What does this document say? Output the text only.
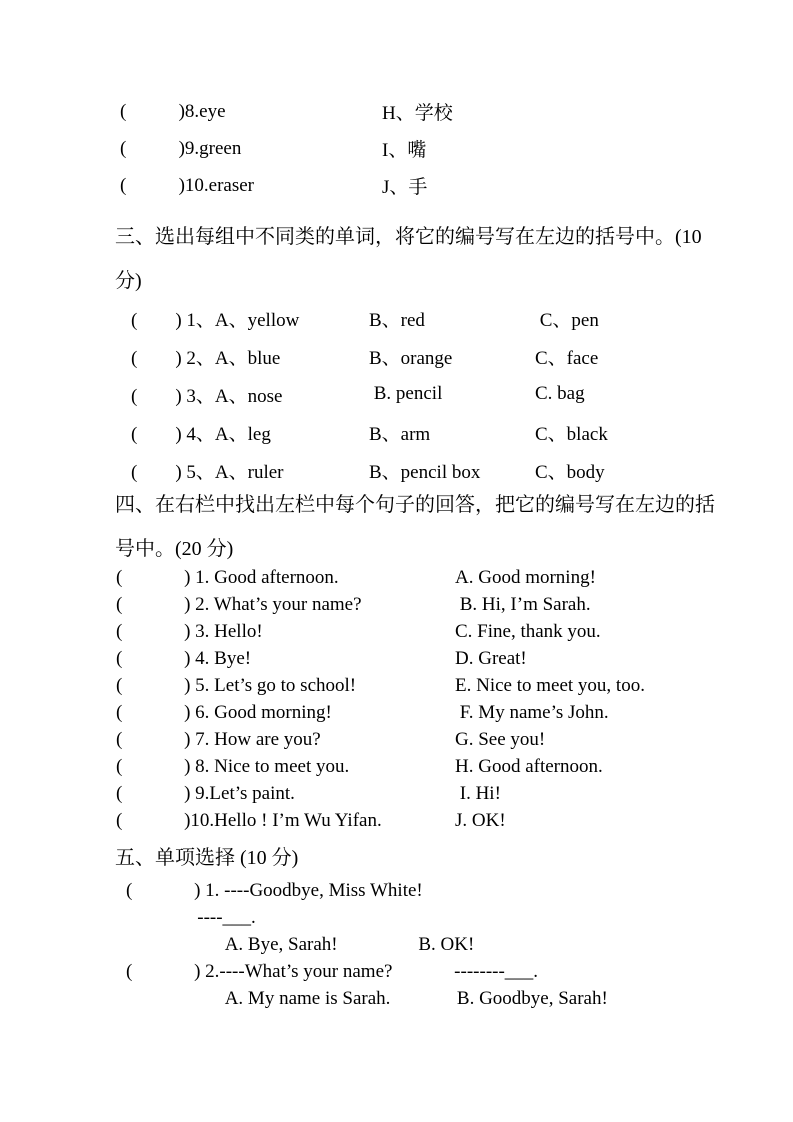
(           )8.eye	H、学校
(           )9.green	I、嘴
(           )10.eraser	J、手
三、选出每组中不同类的单词，将它的编号写在左边的括号中。(10
分)
(        ) 1、A、yellow	B、red	C、pen
(        ) 2、A、blue	B、orange	C、face
(        ) 3、A、nose	B. pencil	C. bag
(        ) 4、A、leg	B、arm	C、black
(        ) 5、A、ruler	B、pencil box	C、body
四、在右栏中找出左栏中每个句子的回答，把它的编号写在左边的括
号中。(20 分)
(             ) 1. Good afternoon.	A. Good morning!
(             ) 2. What’s your name?	B. Hi, I’m Sarah.
(             ) 3. Hello!	C. Fine, thank you.
(             ) 4. Bye!	D. Great!
(             ) 5. Let’s go to school!	E. Nice to meet you, too.
(             ) 6. Good morning!	F. My name’s John.
(             ) 7. How are you?	G. See you!
(             ) 8. Nice to meet you.	H. Good afternoon.
(             ) 9.Let’s paint.	I. Hi!
(             )10.Hello ! I’m Wu Yifan.	J. OK!
五、单项选择 (10 分)
(             ) 1. ----Goodbye, Miss White!
----___.
A. Bye, Sarah!                 B. OK!
(             ) 2.----What’s your name?             --------___.
A. My name is Sarah.              B. Goodbye, Sarah!
